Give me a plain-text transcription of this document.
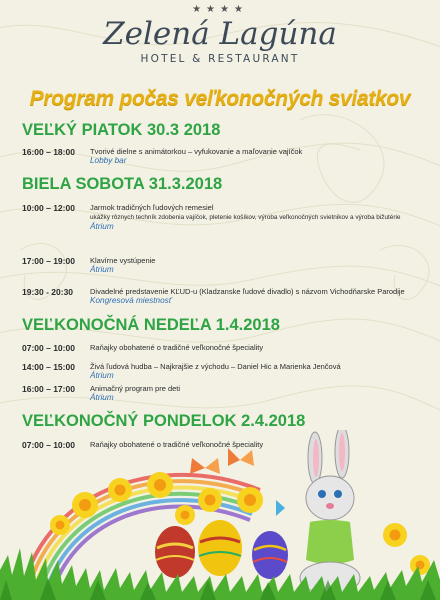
★★★★
Zelená Lagúna
HOTEL & RESTAURANT
Program počas veľkonočných sviatkov
VEĽKÝ PIATOK 30.3 2018
16:00 – 18:00 Tvorivé dielne s animátorkou – vyfukovanie a maľovanie vajíčok
Lobby bar
BIELA SOBOTA 31.3.2018
10:00 – 12:00 Jarmok tradičných ľudových remesiel
ukážky rôznych techník zdobenia vajíčok, pletenie košíkov, výroba veľkonočných svietnikov a výroba bižutérie
Átrium
17:00 – 19:00 Klavírne vystúpenie
Átrium
19:30 - 20:30 Divadelné predstavenie KĽUD-u (Kladzanske ľudové divadlo) s názvom Vichodňarske Parodije
Kongresová miestnosť
VEĽKONOČNÁ NEDEĽA 1.4.2018
07:00 – 10:00 Raňajky obohatené o tradičné veľkonočné špeciality
14:00 – 15:00 Živá ľudová hudba – Najkrajšie z východu – Daniel Hic a Marienka Jenčová
Átrium
16:00 – 17:00 Animačný program pre deti
Átrium
VEĽKONOČNÝ PONDELOK 2.4.2018
07:00 – 10:00 Raňajky obohatené o tradičné veľkonočné špeciality
